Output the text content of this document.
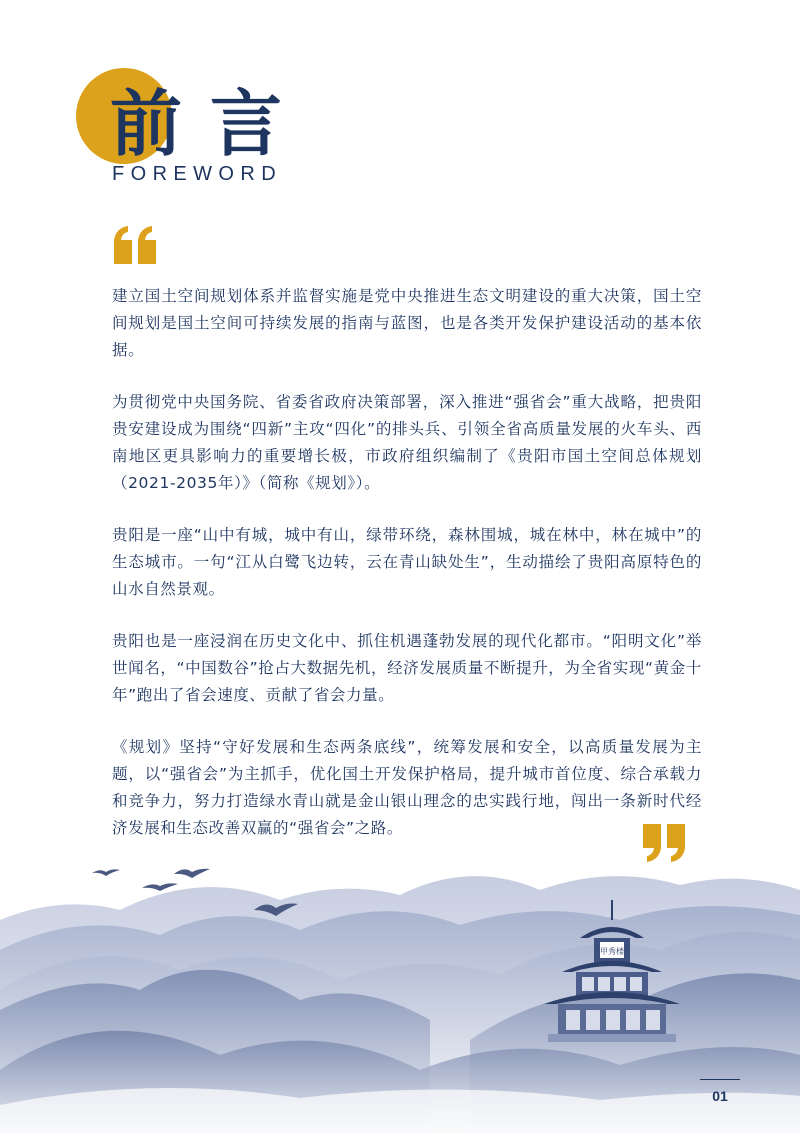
前言
FOREWORD

建立国土空间规划体系并监督实施是党中央推进生态文明建设的重大决策，国土空间规划是国土空间可持续发展的指南与蓝图，也是各类开发保护建设活动的基本依据。

为贯彻党中央国务院、省委省政府决策部署，深入推进“强省会”重大战略，把贵阳贵安建设成为围绕“四新”主攻“四化”的排头兵、引领全省高质量发展的火车头、西南地区更具影响力的重要增长极，市政府组织编制了《贵阳市国土空间总体规划（2021-2035年）》（简称《规划》）。

贵阳是一座“山中有城，城中有山，绿带环绕，森林围城，城在林中，林在城中”的生态城市。一句“江从白鹭飞边转，云在青山缺处生”，生动描绘了贵阳高原特色的山水自然景观。

贵阳也是一座浸润在历史文化中、抓住机遇蓬勃发展的现代化都市。“阳明文化”举世闻名，“中国数谷”抢占大数据先机，经济发展质量不断提升，为全省实现“黄金十年”跑出了省会速度、贡献了省会力量。

《规划》坚持“守好发展和生态两条底线”，统筹发展和安全，以高质量发展为主题，以“强省会”为主抓手，优化国土开发保护格局，提升城市首位度、综合承载力和竞争力，努力打造绿水青山就是金山银山理念的忠实践行地，闯出一条新时代经济发展和生态改善双赢的“强省会”之路。

甲秀楼
01
